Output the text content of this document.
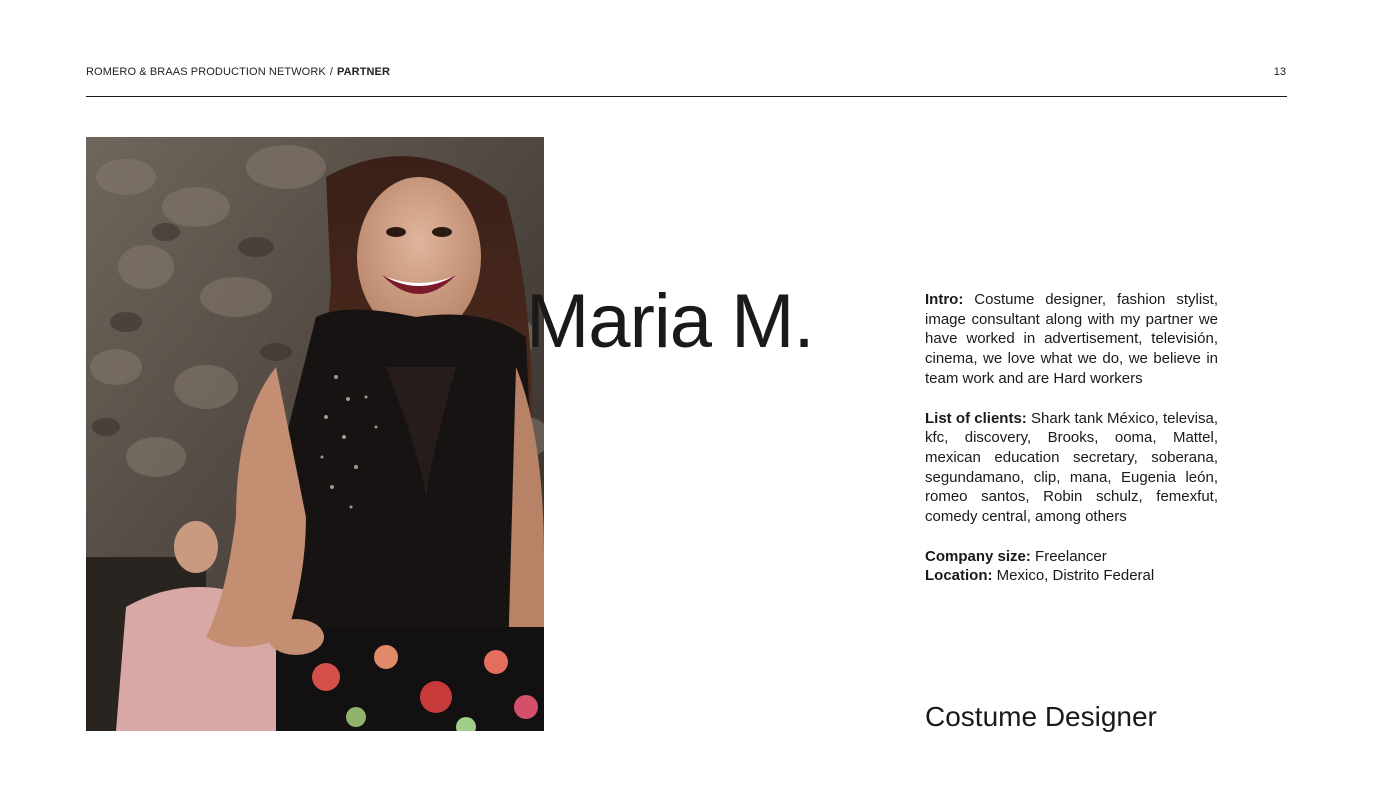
ROMERO & BRAAS PRODUCTION NETWORK / PARTNER	13
Maria M.	Intro: Costume designer, fashion stylist, image consultant along with my partner we have worked in advertisement, televisión, cinema, we love what we do, we believe in team work and are Hard workers

List of clients: Shark tank México, televisa, kfc, discovery, Brooks, ooma, Mattel, mexican education secretary, soberana, segundamano, clip, mana, Eugenia león, romeo santos, Robin schulz, femexfut, comedy central, among others

Company size: Freelancer

Location: Mexico, Distrito Federal

Costume Designer
